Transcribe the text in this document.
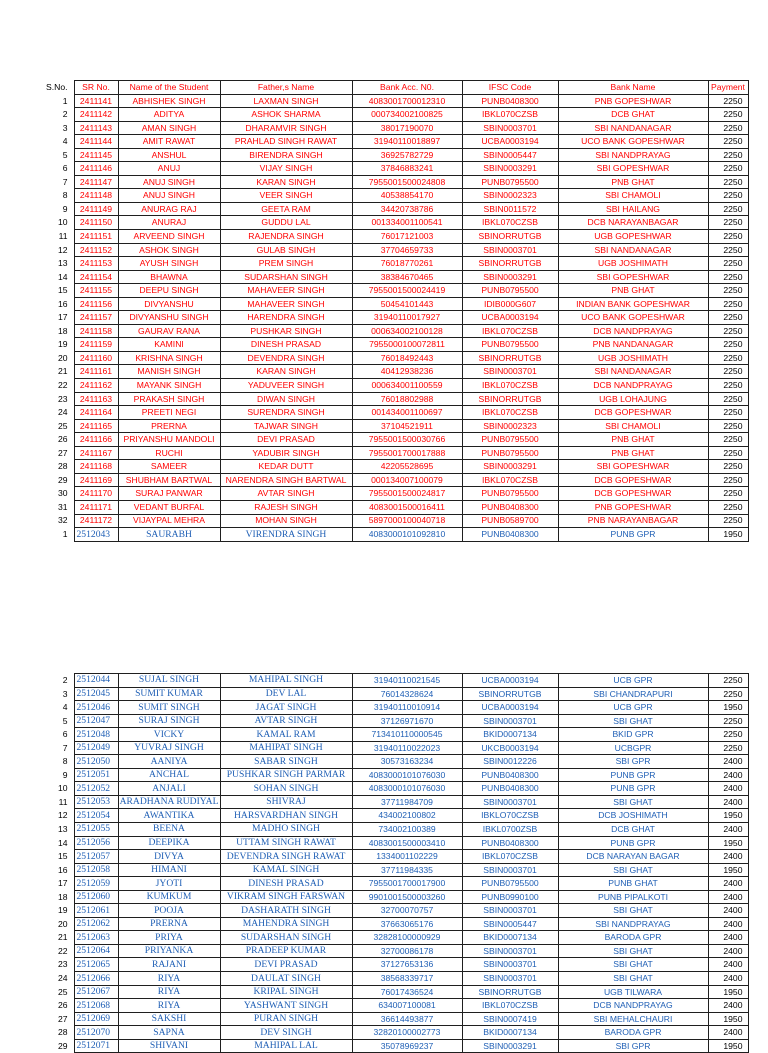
S.No.	SR No.	Name of the Student	Father,s Name	Bank Acc. N0.	IFSC Code	Bank Name	Payment
1	2411141	ABHISHEK SINGH	LAXMAN SINGH	4083001700012310	PUNB0408300	PNB GOPESHWAR	2250
2	2411142	ADITYA	ASHOK SHARMA	000734002100825	IBKL070CZSB	DCB GHAT	2250
3	2411143	AMAN SINGH	DHARAMVIR SINGH	38017190070	SBIN0003701	SBI NANDANAGAR	2250
4	2411144	AMIT RAWAT	PRAHLAD SINGH RAWAT	31940110018897	UCBA0003194	UCO BANK GOPESHWAR	2250
5	2411145	ANSHUL	BIRENDRA SINGH	36925782729	SBIN0005447	SBI NANDPRAYAG	2250
6	2411146	ANUJ	VIJAY SINGH	37846883241	SBIN0003291	SBI GOPESHWAR	2250
7	2411147	ANUJ SINGH	KARAN SINGH	7955001500024808	PUNB0795500	PNB GHAT	2250
8	2411148	ANUJ SINGH	VEER SINGH	40538854170	SBIN0002323	SBI CHAMOLI	2250
9	2411149	ANURAG RAJ	GEETA RAM	34420738786	SBIN0011572	SBI HAILANG	2250
10	2411150	ANURAJ	GUDDU LAL	001334001100541	IBKL070CZSB	DCB NARAYANBAGAR	2250
11	2411151	ARVEEND SINGH	RAJENDRA SINGH	76017121003	SBINORRUTGB	UGB GOPESHWAR	2250
12	2411152	ASHOK SINGH	GULAB SINGH	37704659733	SBIN0003701	SBI NANDANAGAR	2250
13	2411153	AYUSH SINGH	PREM SINGH	76018770261	SBINORRUTGB	UGB JOSHIMATH	2250
14	2411154	BHAWNA	SUDARSHAN SINGH	38384670465	SBIN0003291	SBI GOPESHWAR	2250
15	2411155	DEEPU SINGH	MAHAVEER SINGH	7955001500024419	PUNB0795500	PNB GHAT	2250
16	2411156	DIVYANSHU	MAHAVEER SINGH	50454101443	IDIB000G607	INDIAN BANK GOPESHWAR	2250
17	2411157	DIVYANSHU SINGH	HARENDRA SINGH	31940110017927	UCBA0003194	UCO BANK GOPESHWAR	2250
18	2411158	GAURAV RANA	PUSHKAR SINGH	000634002100128	IBKL070CZSB	DCB NANDPRAYAG	2250
19	2411159	KAMINI	DINESH PRASAD	7955000100072811	PUNB0795500	PNB NANDANAGAR	2250
20	2411160	KRISHNA SINGH	DEVENDRA SINGH	76018492443	SBINORRUTGB	UGB JOSHIMATH	2250
21	2411161	MANISH SINGH	KARAN SINGH	40412938236	SBIN0003701	SBI NANDANAGAR	2250
22	2411162	MAYANK SINGH	YADUVEER SINGH	000634001100559	IBKL070CZSB	DCB NANDPRAYAG	2250
23	2411163	PRAKASH SINGH	DIWAN SINGH	76018802988	SBINORRUTGB	UGB LOHAJUNG	2250
24	2411164	PREETI NEGI	SURENDRA SINGH	001434001100697	IBKL070CZSB	DCB GOPESHWAR	2250
25	2411165	PRERNA	TAJWAR SINGH	37104521911	SBIN0002323	SBI CHAMOLI	2250
26	2411166	PRIYANSHU MANDOLI	DEVI PRASAD	7955001500030766	PUNB0795500	PNB GHAT	2250
27	2411167	RUCHI	YADUBIR SINGH	7955001700017888	PUNB0795500	PNB GHAT	2250
28	2411168	SAMEER	KEDAR DUTT	42205528695	SBIN0003291	SBI GOPESHWAR	2250
29	2411169	SHUBHAM BARTWAL	NARENDRA SINGH BARTWAL	000134007100079	IBKL070CZSB	DCB GOPESHWAR	2250
30	2411170	SURAJ PANWAR	AVTAR SINGH	7955001500024817	PUNB0795500	DCB GOPESHWAR	2250
31	2411171	VEDANT BURFAL	RAJESH SINGH	4083001500016411	PUNB0408300	PNB GOPESHWAR	2250
32	2411172	VIJAYPAL MEHRA	MOHAN SINGH	5897000100040718	PUNB0589700	PNB NARAYANBAGAR	2250
1	2512043	SAURABH	VIRENDRA SINGH	4083000101092810	PUNB0408300	PUNB GPR	1950
2	2512044	SUJAL SINGH	MAHIPAL SINGH	31940110021545	UCBA0003194	UCB GPR	2250
3	2512045	SUMIT KUMAR	DEV LAL	76014328624	SBINORRUTGB	SBI CHANDRAPURI	2250
4	2512046	SUMIT SINGH	JAGAT SINGH	31940110010914	UCBA0003194	UCB GPR	1950
5	2512047	SURAJ SINGH	AVTAR SINGH	37126971670	SBIN0003701	SBI GHAT	2250
6	2512048	VICKY	KAMAL RAM	713410110000545	BKID0007134	BKID GPR	2250
7	2512049	YUVRAJ SINGH	MAHIPAT SINGH	31940110022023	UKCB0003194	UCBGPR	2250
8	2512050	AANIYA	SABAR SINGH	30573163234	SBIN0012226	SBI GPR	2400
9	2512051	ANCHAL	PUSHKAR SINGH PARMAR	4083000101076030	PUNB0408300	PUNB GPR	2400
10	2512052	ANJALI	SOHAN SINGH	4083000101076030	PUNB0408300	PUNB GPR	2400
11	2512053	ARADHANA RUDIYAL	SHIVRAJ	37711984709	SBIN0003701	SBI GHAT	2400
12	2512054	AWANTIKA	HARSVARDHAN SINGH	434002100802	IBKLO70CZSB	DCB JOSHIMATH	1950
13	2512055	BEENA	MADHO SINGH	734002100389	IBKL0700ZSB	DCB GHAT	2400
14	2512056	DEEPIKA	UTTAM SINGH RAWAT	4083001500003410	PUNB0408300	PUNB GPR	1950
15	2512057	DIVYA	DEVENDRA SINGH RAWAT	1334001102229	IBKL070CZSB	DCB NARAYAN BAGAR	2400
16	2512058	HIMANI	KAMAL SINGH	37711984335	SBIN0003701	SBI GHAT	1950
17	2512059	JYOTI	DINESH PRASAD	7955001700017900	PUNB0795500	PUNB GHAT	2400
18	2512060	KUMKUM	VIKRAM SINGH FARSWAN	9901001500003260	PUNB0990100	PUNB PIPALKOTI	2400
19	2512061	POOJA	DASHARATH SINGH	32700070757	SBIN0003701	SBI GHAT	2400
20	2512062	PRERNA	MAHENDRA SINGH	37663065176	SBIN0005447	SBI NANDPRAYAG	2400
21	2512063	PRIYA	SUDARSHAN SINGH	32828100000929	BKID0007134	BARODA GPR	2400
22	2512064	PRIYANKA	PRADEEP KUMAR	32700086178	SBIN0003701	SBI GHAT	2400
23	2512065	RAJANI	DEVI PRASAD	37127653136	SBIN0003701	SBI GHAT	2400
24	2512066	RIYA	DAULAT SINGH	38568339717	SBIN0003701	SBI GHAT	2400
25	2512067	RIYA	KRIPAL SINGH	76017436524	SBINORRUTGB	UGB TILWARA	1950
26	2512068	RIYA	YASHWANT SINGH	634007100081	IBKL070CZSB	DCB NANDPRAYAG	2400
27	2512069	SAKSHI	PURAN SINGH	36614493877	SBIN0007419	SBI MEHALCHAURI	1950
28	2512070	SAPNA	DEV SINGH	32820100002773	BKID0007134	BARODA GPR	2400
29	2512071	SHIVANI	MAHIPAL LAL	35078969237	SBIN0003291	SBI GPR	1950
